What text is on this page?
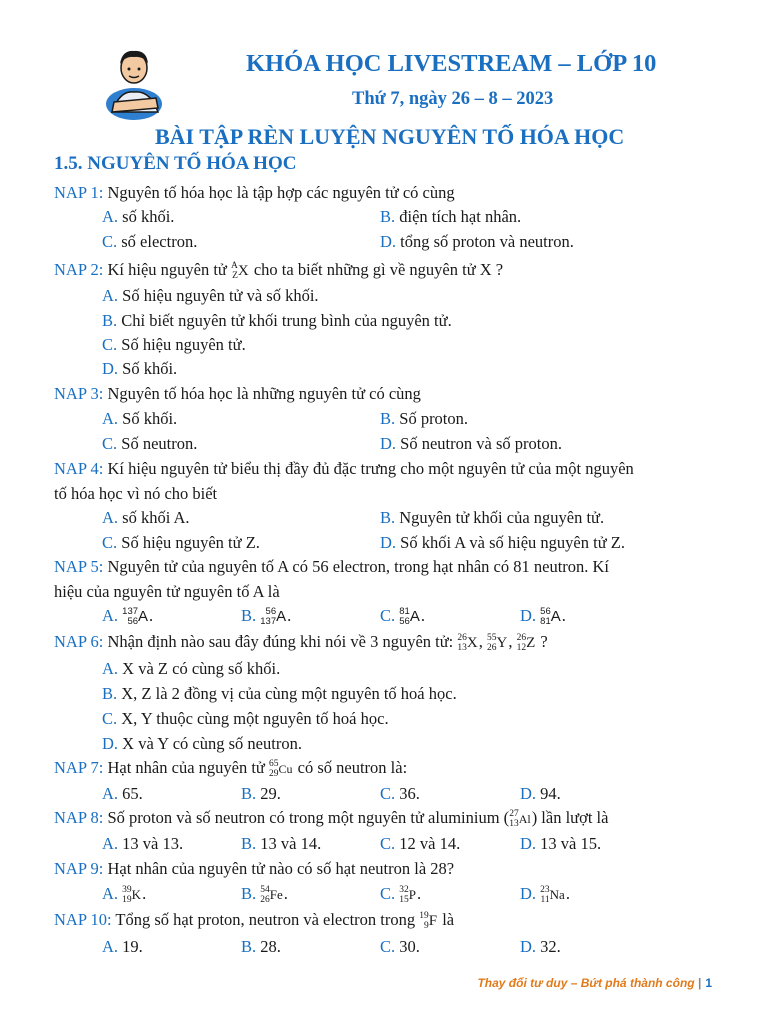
KHÓA HỌC LIVESTREAM – LỚP 10
Thứ 7, ngày 26 – 8 – 2023
BÀI TẬP RÈN LUYỆN NGUYÊN TỐ HÓA HỌC
1.5. NGUYÊN TỐ HÓA HỌC
NAP 1: Nguyên tố hóa học là tập hợp các nguyên tử có cùng
A. số khối.	B. điện tích hạt nhân.
C. số electron.	D. tổng số proton và neutron.
NAP 2: Kí hiệu nguyên tử A
Z X cho ta biết những gì về nguyên tử X ?
A. Số hiệu nguyên tử và số khối.
B. Chỉ biết nguyên tử khối trung bình của nguyên tử.
C. Số hiệu nguyên tử.
D. Số khối.
NAP 3: Nguyên tố hóa học là những nguyên tử có cùng
A. Số khối.	B. Số proton.
C. Số neutron.	D. Số neutron và số proton.
NAP 4: Kí hiệu nguyên tử biểu thị đầy đủ đặc trưng cho một nguyên tử của một nguyên
tố hóa học vì nó cho biết
A. số khối A.	B. Nguyên tử khối của nguyên tử.
C. Số hiệu nguyên tử Z.	D. Số khối A và số hiệu nguyên tử Z.
NAP 5: Nguyên tử của nguyên tố A có 56 electron, trong hạt nhân có 81 neutron. Kí
hiệu của nguyên tử nguyên tố A là
A. 137
56 A.	B. 56
137 A.	C. 81
56 A.	D. 56
81 A.
NAP 6: Nhận định nào sau đây đúng khi nói về 3 nguyên tử: 26
13 X, 55
26 Y, 26
12 Z ?
A. X và Z có cùng số khối.
B. X, Z là 2 đồng vị của cùng một nguyên tố hoá học.
C. X, Y thuộc cùng một nguyên tố hoá học.
D. X và Y có cùng số neutron.
NAP 7: Hạt nhân của nguyên tử 65
29 Cu có số neutron là:
A. 65.	B. 29.	C. 36.	D. 94.
NAP 8: Số proton và số neutron có trong một nguyên tử aluminium ( 27
13 Al) lần lượt là
A. 13 và 13.	B. 13 và 14.	C. 12 và 14.	D. 13 và 15.
NAP 9: Hạt nhân của nguyên tử nào có số hạt neutron là 28?
A. 39
19 K.	B. 54
26 Fe.	C. 32
15 P.	D. 23
11 Na.
NAP 10: Tổng số hạt proton, neutron và electron trong 19
9 F là
A. 19.	B. 28.	C. 30.	D. 32.
Thay đổi tư duy – Bứt phá thành công | 1
